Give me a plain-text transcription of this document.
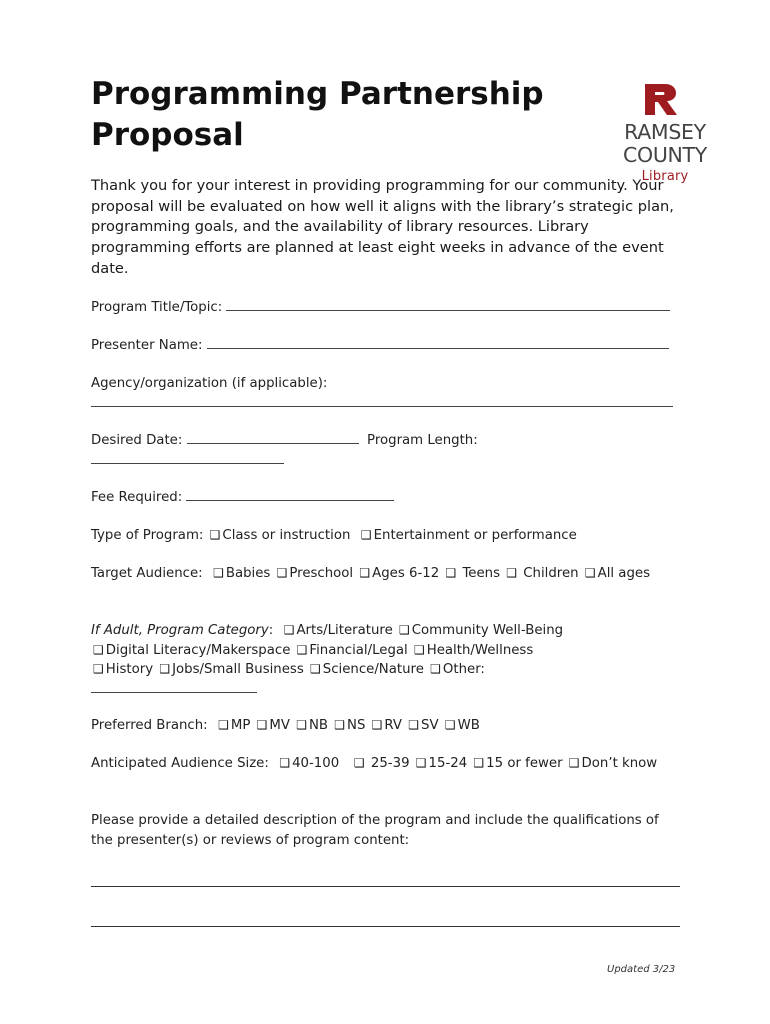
Programming Partnership Proposal	RAMSEY
COUNTY
Library

Thank you for your interest in providing programming for our community. Your proposal will be evaluated on how well it aligns with the library’s strategic plan, programming goals, and the availability of library resources. Library programming efforts are planned at least eight weeks in advance of the event date.

Program Title/Topic:

Presenter Name:

Agency/organization (if applicable):

Desired Date:	Program Length:

Fee Required:

Type of Program: ❑ Class or instruction ❑ Entertainment or performance

Target Audience: ❑ Babies ❑ Preschool ❑ Ages 6-12 ❑ Teens ❑ Children ❑ All ages

If Adult, Program Category:  ❑ Arts/Literature ❑ Community Well-Being
❑ Digital Literacy/Makerspace ❑ Financial/Legal ❑ Health/Wellness
❑ History ❑ Jobs/Small Business ❑ Science/Nature ❑ Other:

Preferred Branch: ❑ MP ❑ MV ❑ NB ❑ NS ❑ RV ❑ SV ❑ WB

Anticipated Audience Size: ❑ 40-100 ❑ 25-39 ❑ 15-24 ❑ 15 or fewer ❑ Don’t know

Please provide a detailed description of the program and include the qualifications of the presenter(s) or reviews of program content:

Updated 3/23
